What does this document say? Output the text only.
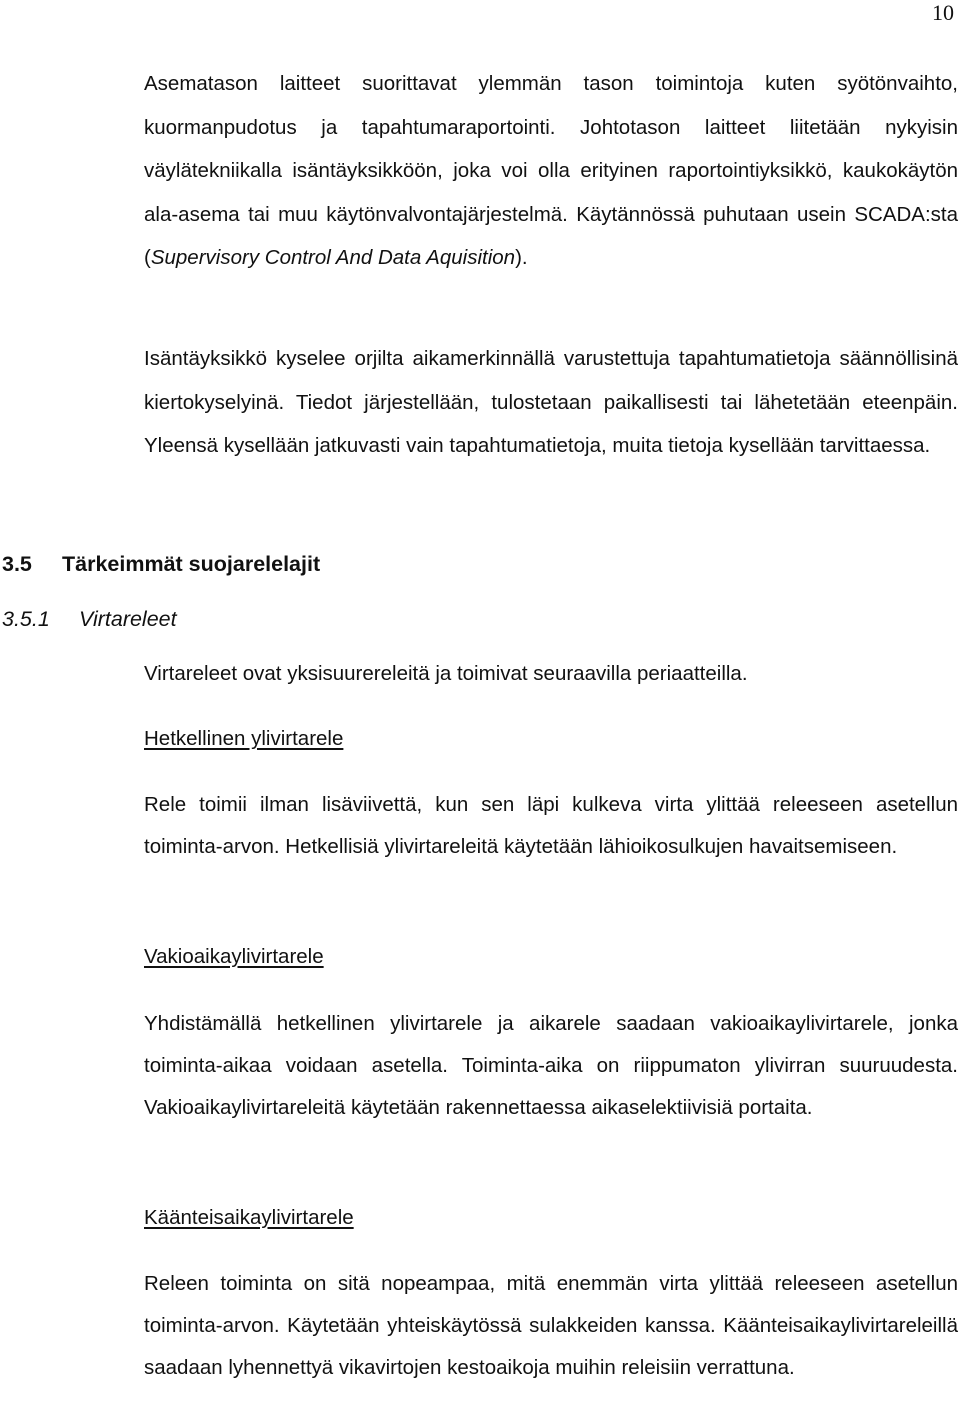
10

Asematason laitteet suorittavat ylemmän tason toimintoja kuten syötönvaihto, kuormanpudotus ja tapahtumaraportointi. Johtotason laitteet liitetään nykyisin väylätekniikalla isäntäyksikköön, joka voi olla erityinen raportointiyksikkö, kaukokäytön ala-asema tai muu käytönvalvontajärjestelmä. Käytännössä puhutaan usein SCADA:sta (Supervisory Control And Data Aquisition).

Isäntäyksikkö kyselee orjilta aikamerkinnällä varustettuja tapahtumatietoja säännöllisinä kiertokyselyinä. Tiedot järjestellään, tulostetaan paikallisesti tai lähetetään eteenpäin. Yleensä kysellään jatkuvasti vain tapahtumatietoja, muita tietoja kysellään tarvittaessa.

3.5 Tärkeimmät suojarelelajit
3.5.1 Virtareleet
Virtareleet ovat yksisuurereleitä ja toimivat seuraavilla periaatteilla.
Hetkellinen ylivirtarele

Rele toimii ilman lisäviivettä, kun sen läpi kulkeva virta ylittää releeseen asetellun toiminta-arvon. Hetkellisiä ylivirtareleitä käytetään lähioikosulkujen havaitsemiseen.

Vakioaikaylivirtarele

Yhdistämällä hetkellinen ylivirtarele ja aikarele saadaan vakioaikaylivirtarele, jonka toiminta-aikaa voidaan asetella. Toiminta-aika on riippumaton ylivirran suuruudesta. Vakioaikaylivirtareleitä käytetään rakennettaessa aikaselektiivisiä portaita.

Käänteisaikaylivirtarele

Releen toiminta on sitä nopeampaa, mitä enemmän virta ylittää releeseen asetellun toiminta-arvon. Käytetään yhteiskäytössä sulakkeiden kanssa. Käänteisaikaylivirtareleillä saadaan lyhennettyä vikavirtojen kestoaikoja muihin releisiin verrattuna.
